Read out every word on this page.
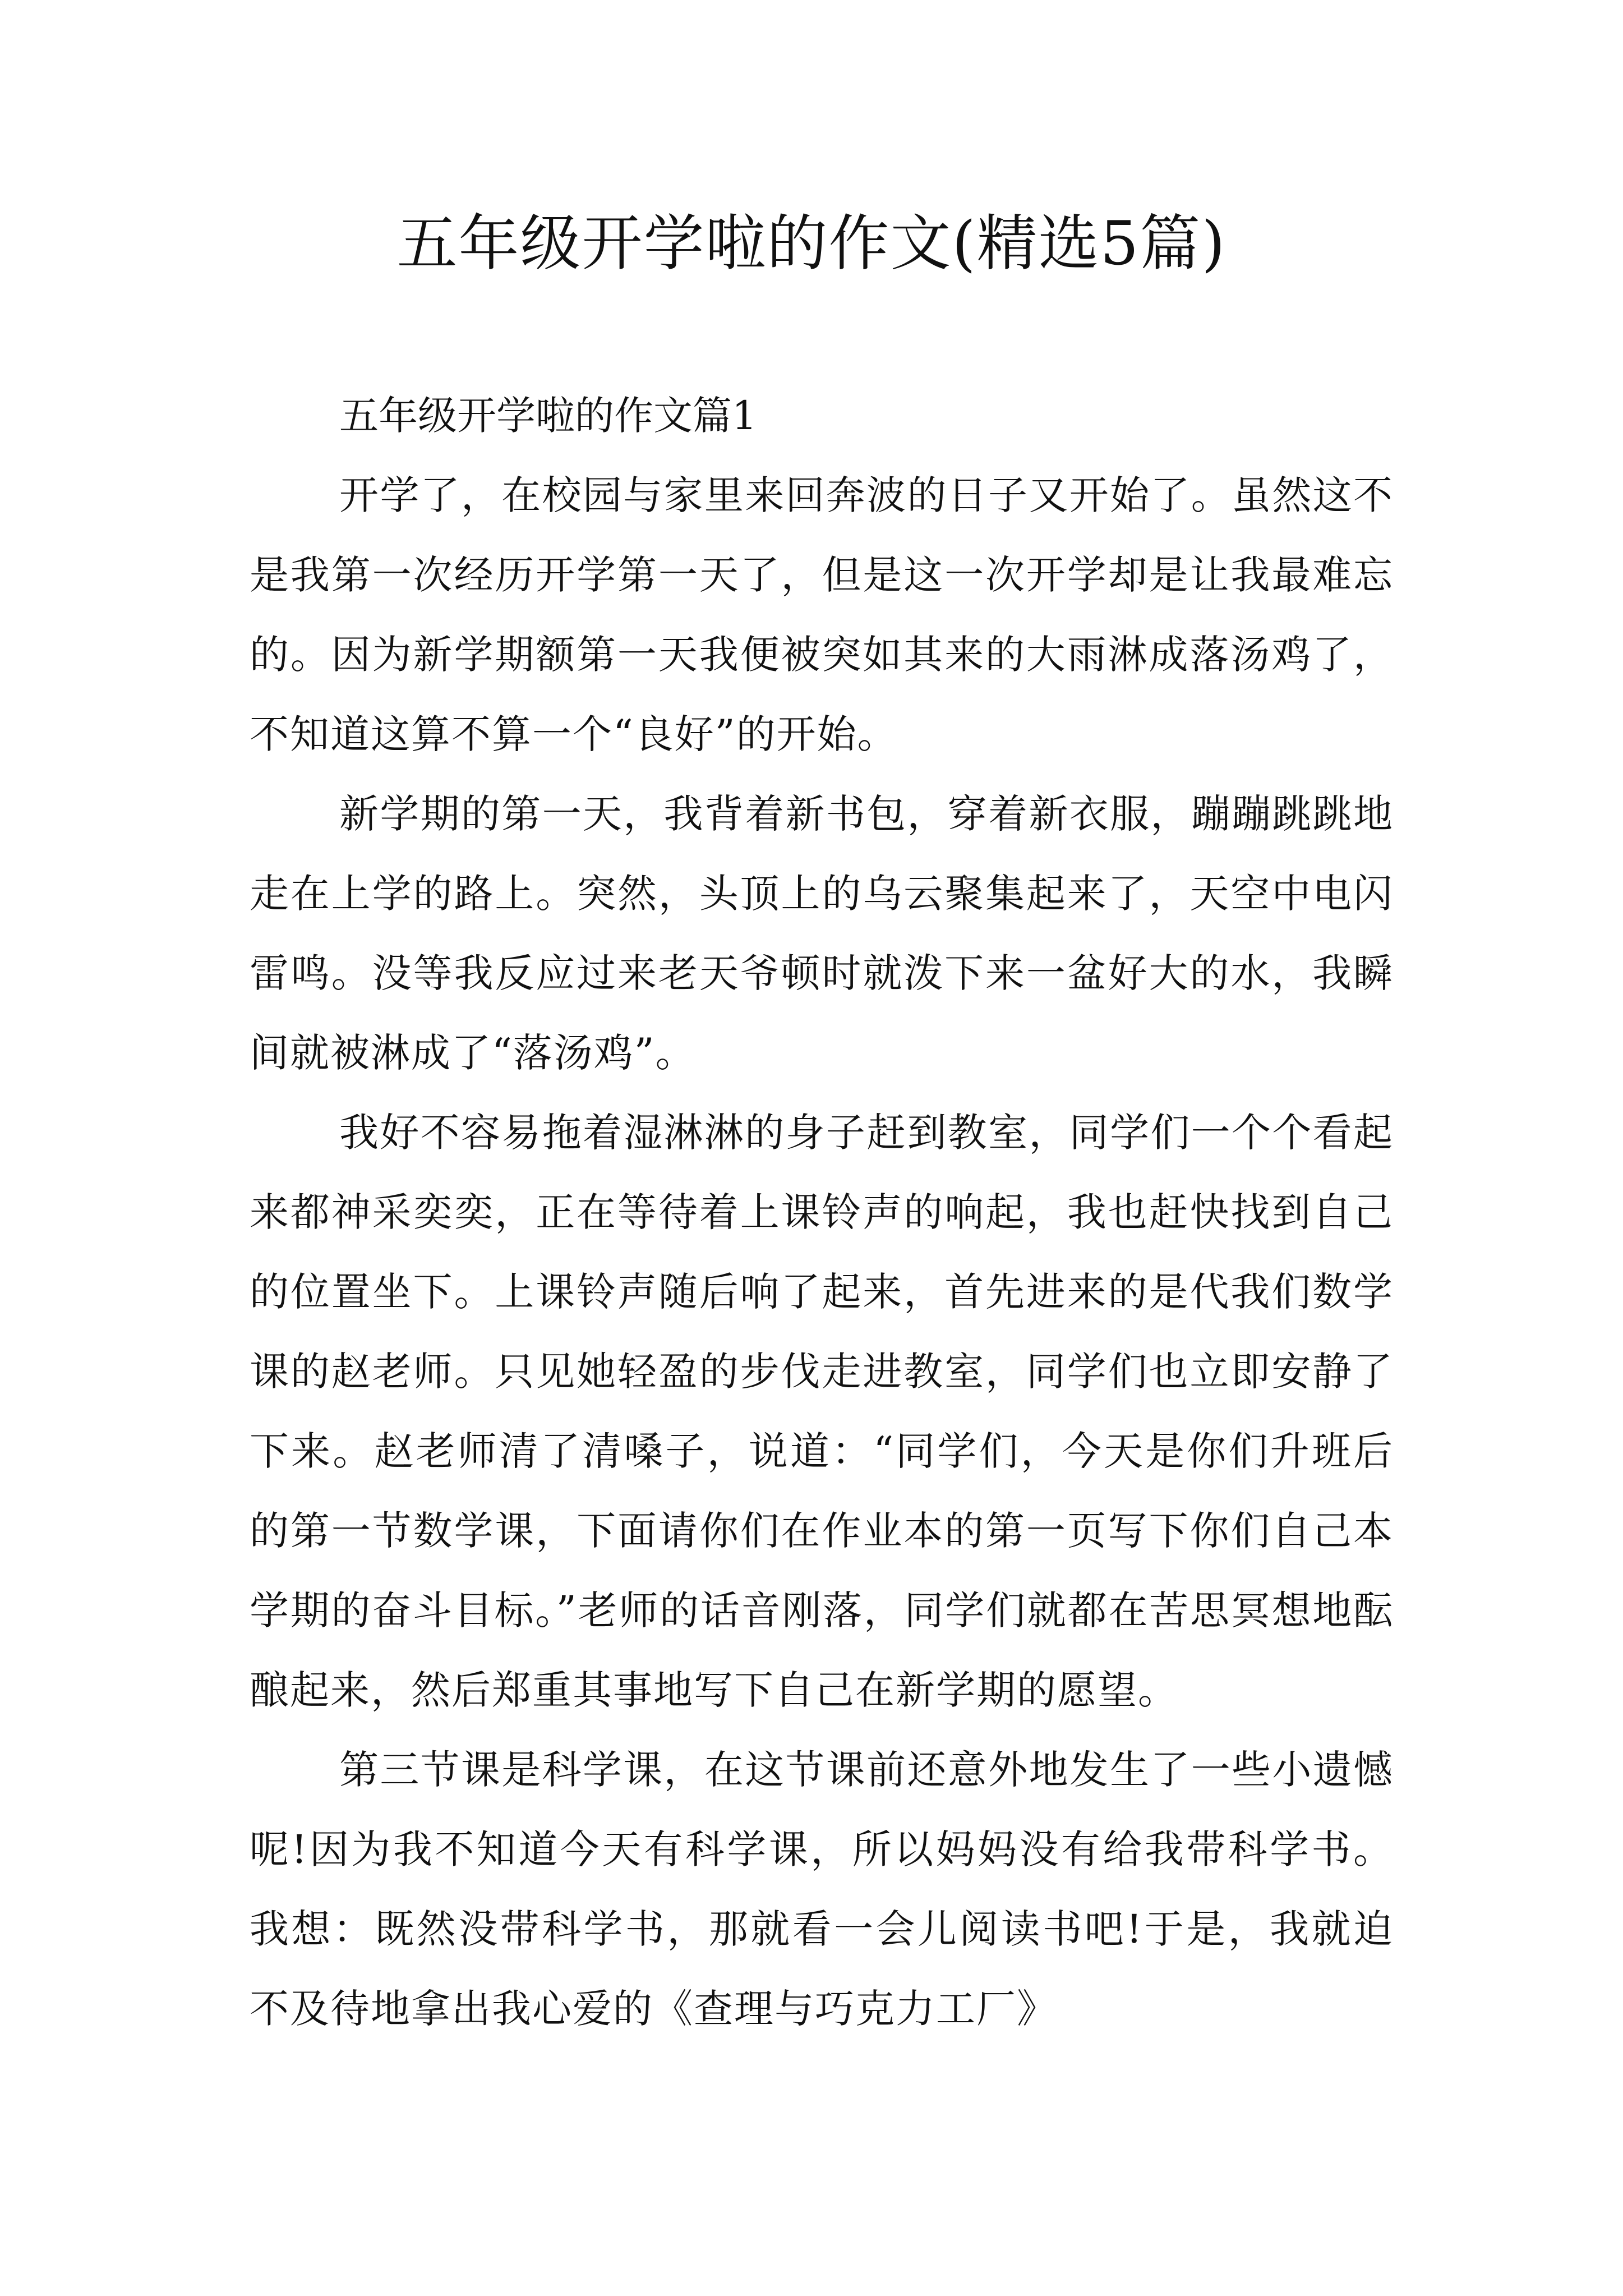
五年级开学啦的作文(精选5篇)

五年级开学啦的作文篇1

开学了，在校园与家里来回奔波的日子又开始了。虽然这不是我第一次经历开学第一天了，但是这一次开学却是让我最难忘的。因为新学期额第一天我便被突如其来的大雨淋成落汤鸡了，不知道这算不算一个“良好”的开始。

新学期的第一天，我背着新书包，穿着新衣服，蹦蹦跳跳地走在上学的路上。突然，头顶上的乌云聚集起来了，天空中电闪雷鸣。没等我反应过来老天爷顿时就泼下来一盆好大的水，我瞬间就被淋成了“落汤鸡”。

我好不容易拖着湿淋淋的身子赶到教室，同学们一个个看起来都神采奕奕，正在等待着上课铃声的响起，我也赶快找到自己的位置坐下。上课铃声随后响了起来，首先进来的是代我们数学课的赵老师。只见她轻盈的步伐走进教室，同学们也立即安静了下来。赵老师清了清嗓子，说道：“同学们，今天是你们升班后的第一节数学课，下面请你们在作业本的第一页写下你们自己本学期的奋斗目标。”老师的话音刚落，同学们就都在苦思冥想地酝酿起来，然后郑重其事地写下自己在新学期的愿望。

第三节课是科学课，在这节课前还意外地发生了一些小遗憾呢!因为我不知道今天有科学课，所以妈妈没有给我带科学书。我想：既然没带科学书，那就看一会儿阅读书吧!于是，我就迫不及待地拿出我心爱的《查理与巧克力工厂》
